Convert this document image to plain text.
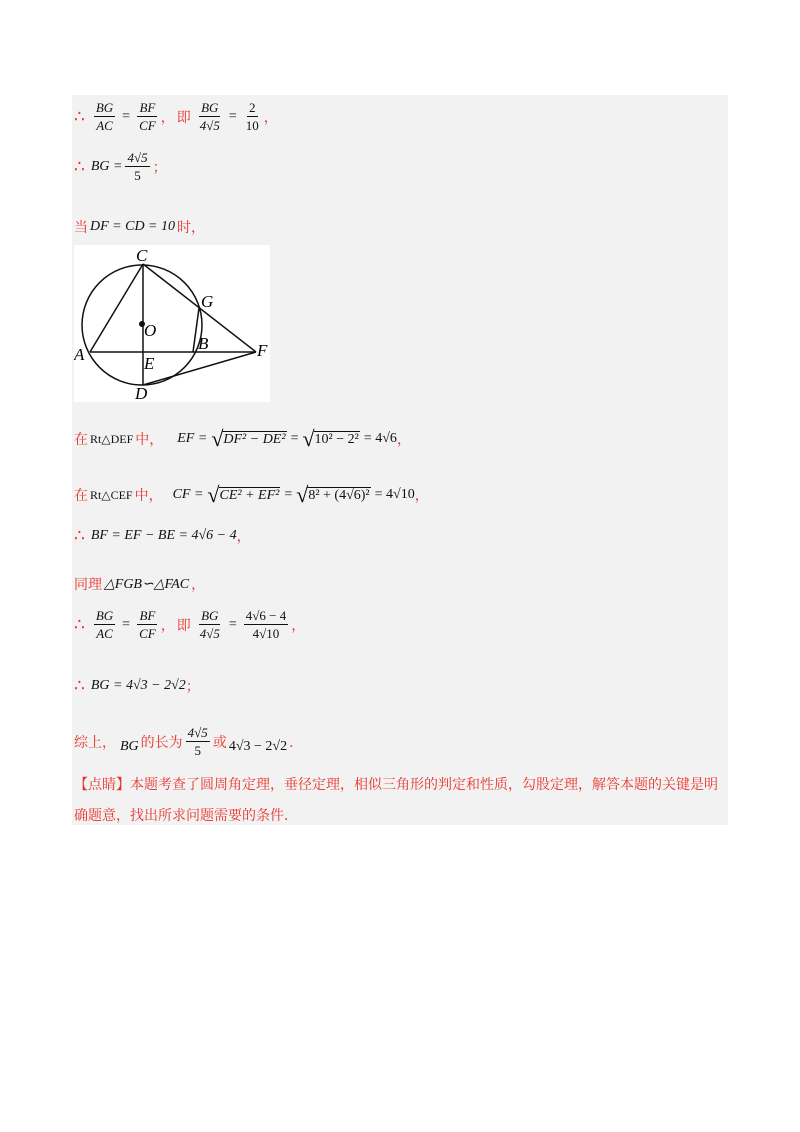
∴ $\frac{BG}{AC} = \frac{BF}{CF}$ ， 即 $\frac{BG}{4√5} = \frac{2}{10}$ ，
∴ BG = $\frac{4√5}{5}$ ；
当 DF = CD = 10 时，
C
G
O
B	F
A	E
D
在 Rt△DEF 中， EF = √ DF² − DE² = √ 10² − 2² = 4√6 ，
在 Rt△CEF 中， CF = √ CE² + EF² = √ 8² + (4√6)² = 4√10 ，
∴ BF = EF − BE = 4√6 − 4 ，
同理 △FGB∽△FAC ，
∴ $\frac{BG}{AC} = \frac{BF}{CF}$ ， 即 $\frac{BG}{4√5} = \frac{4√6 - 4}{4√10}$ ，
∴ BG = 4√3 − 2√2 ；
综上， BG 的长为 $\frac{4√5}{5}$ 或 4√3 − 2√2 ．
【点睛】本题考查了圆周角定理，垂径定理，相似三角形的判定和性质，勾股定理，解答本题的关键是明确题意，找出所求问题需要的条件．
